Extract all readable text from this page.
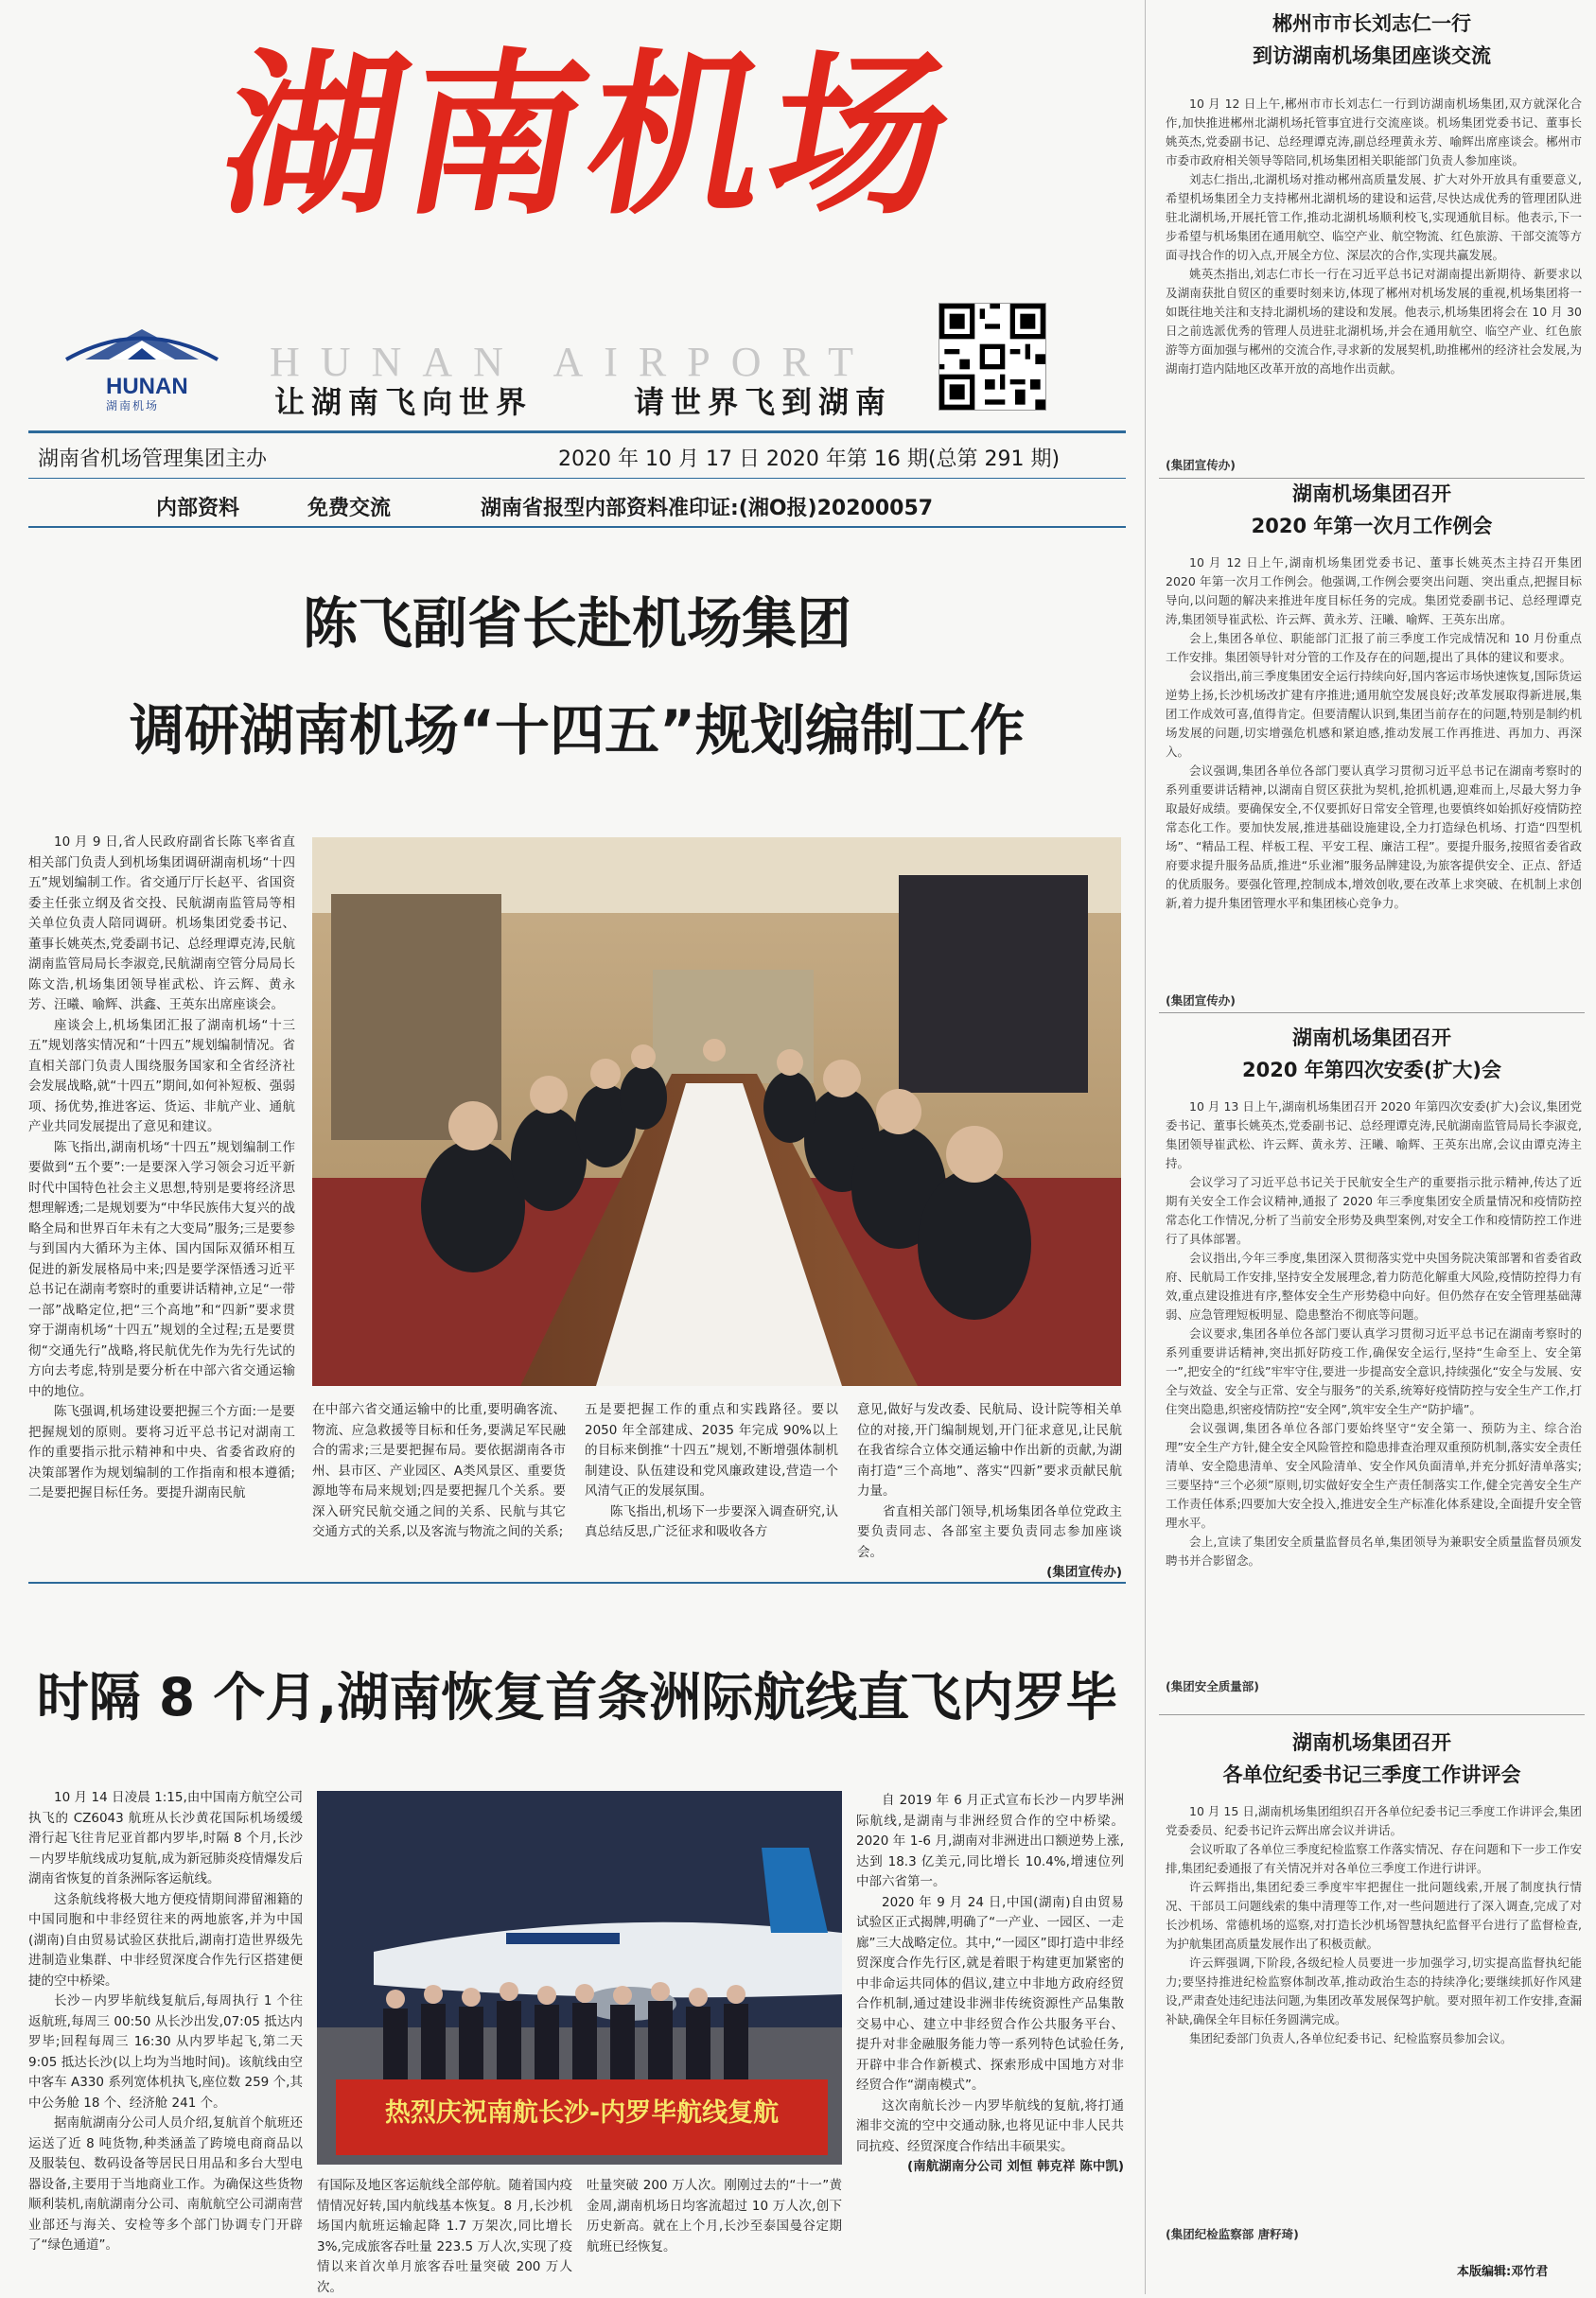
湖南机场
HUNAN
湖南机场
HUNAN AIRPORT
让湖南飞向世界	请世界飞到湖南
湖南省机场管理集团主办	2020 年 10 月 17 日 2020 年第 16 期(总第 291 期)
内部资料	免费交流	湖南省报型内部资料准印证:(湘O报)20200057
陈飞副省长赴机场集团
调研湖南机场“十四五”规划编制工作

10 月 9 日,省人民政府副省长陈飞率省直相关部门负责人到机场集团调研湖南机场“十四五”规划编制工作。省交通厅厅长赵平、省国资委主任张立纲及省交投、民航湖南监管局等相关单位负责人陪同调研。机场集团党委书记、董事长姚英杰,党委副书记、总经理谭克涛,民航湖南监管局局长李淑竞,民航湖南空管分局局长陈文浩,机场集团领导崔武松、许云辉、黄永芳、汪曦、喻辉、洪鑫、王英东出席座谈会。

座谈会上,机场集团汇报了湖南机场“十三五”规划落实情况和“十四五”规划编制情况。省直相关部门负责人围绕服务国家和全省经济社会发展战略,就“十四五”期间,如何补短板、强弱项、扬优势,推进客运、货运、非航产业、通航产业共同发展提出了意见和建议。

陈飞指出,湖南机场“十四五”规划编制工作要做到“五个要”:一是要深入学习领会习近平新时代中国特色社会主义思想,特别是要将经济思想理解透;二是规划要为“中华民族伟大复兴的战略全局和世界百年未有之大变局”服务;三是要参与到国内大循环为主体、国内国际双循环相互促进的新发展格局中来;四是要学深悟透习近平总书记在湖南考察时的重要讲话精神,立足“一带一部”战略定位,把“三个高地”和“四新”要求贯穿于湖南机场“十四五”规划的全过程;五是要贯彻“交通先行”战略,将民航优先作为先行先试的方向去考虑,特别是要分析在中部六省交通运输中的地位。

陈飞强调,机场建设要把握三个方面:一是要把握规划的原则。要将习近平总书记对湖南工作的重要指示批示精神和中央、省委省政府的决策部署作为规划编制的工作指南和根本遵循;二是要把握目标任务。要提升湖南民航

在中部六省交通运输中的比重,要明确客流、物流、应急救援等目标和任务,要满足军民融合的需求;三是要把握布局。要依据湖南各市州、县市区、产业园区、A类风景区、重要货源地等布局来规划;四是要把握几个关系。要深入研究民航交通之间的关系、民航与其它交通方式的关系,以及客流与物流之间的关系;

五是要把握工作的重点和实践路径。要以 2050 年全部建成、2035 年完成 90%以上的目标来倒推“十四五”规划,不断增强体制机制建设、队伍建设和党风廉政建设,营造一个风清气正的发展氛围。

陈飞指出,机场下一步要深入调查研究,认真总结反思,广泛征求和吸收各方

意见,做好与发改委、民航局、设计院等相关单位的对接,开门编制规划,开门征求意见,让民航在我省综合立体交通运输中作出新的贡献,为湖南打造“三个高地”、落实“四新”要求贡献民航力量。

省直相关部门领导,机场集团各单位党政主要负责同志、各部室主要负责同志参加座谈会。

(集团宣传办)
时隔 8 个月,湖南恢复首条洲际航线直飞内罗毕

10 月 14 日凌晨 1:15,由中国南方航空公司执飞的 CZ6043 航班从长沙黄花国际机场缓缓滑行起飞往肯尼亚首都内罗毕,时隔 8 个月,长沙－内罗毕航线成功复航,成为新冠肺炎疫情爆发后湖南省恢复的首条洲际客运航线。

这条航线将极大地方便疫情期间滞留湘籍的中国同胞和中非经贸往来的两地旅客,并为中国(湖南)自由贸易试验区获批后,湖南打造世界级先进制造业集群、中非经贸深度合作先行区搭建便捷的空中桥梁。

长沙－内罗毕航线复航后,每周执行 1 个往返航班,每周三 00:50 从长沙出发,07:05 抵达内罗毕;回程每周三 16:30 从内罗毕起飞,第二天 9:05 抵达长沙(以上均为当地时间)。该航线由空中客车 A330 系列宽体机执飞,座位数 259 个,其中公务舱 18 个、经济舱 241 个。

据南航湖南分公司人员介绍,复航首个航班还运送了近 8 吨货物,种类涵盖了跨境电商商品以及服装包、数码设备等居民日用品和多台大型电器设备,主要用于当地商业工作。为确保这些货物顺利装机,南航湖南分公司、南航航空公司湖南营业部还与海关、安检等多个部门协调专门开辟了“绿色通道”。

热烈庆祝南航长沙-内罗毕航线复航

有国际及地区客运航线全部停航。随着国内疫情情况好转,国内航线基本恢复。8 月,长沙机场国内航班运输起降 1.7 万架次,同比增长 3%,完成旅客吞吐量 223.5 万人次,实现了疫情以来首次单月旅客吞吐量突破 200 万人次。

吐量突破 200 万人次。刚刚过去的“十一”黄金周,湖南机场日均客流超过 10 万人次,创下历史新高。就在上个月,长沙至泰国曼谷定期航班已经恢复。

自 2019 年 6 月正式宣布长沙－内罗毕洲际航线,是湖南与非洲经贸合作的空中桥梁。2020 年 1-6 月,湖南对非洲进出口额逆势上涨,达到 18.3 亿美元,同比增长 10.4%,增速位列中部六省第一。

2020 年 9 月 24 日,中国(湖南)自由贸易试验区正式揭牌,明确了“一产业、一园区、一走廊”三大战略定位。其中,“一园区”即打造中非经贸深度合作先行区,就是着眼于构建更加紧密的中非命运共同体的倡议,建立中非地方政府经贸合作机制,通过建设非洲非传统资源性产品集散交易中心、建立中非经贸合作公共服务平台、提升对非金融服务能力等一系列特色试验任务,开辟中非合作新模式、探索形成中国地方对非经贸合作“湖南模式”。

这次南航长沙－内罗毕航线的复航,将打通湘非交流的空中交通动脉,也将见证中非人民共同抗疫、经贸深度合作结出丰硕果实。

(南航湖南分公司 刘恒 韩克祥 陈中凯)
郴州市市长刘志仁一行
到访湖南机场集团座谈交流

10 月 12 日上午,郴州市市长刘志仁一行到访湖南机场集团,双方就深化合作,加快推进郴州北湖机场托管事宜进行交流座谈。机场集团党委书记、董事长姚英杰,党委副书记、总经理谭克涛,副总经理黄永芳、喻辉出席座谈会。郴州市市委市政府相关领导等陪同,机场集团相关职能部门负责人参加座谈。

刘志仁指出,北湖机场对推动郴州高质量发展、扩大对外开放具有重要意义,希望机场集团全力支持郴州北湖机场的建设和运营,尽快达成优秀的管理团队进驻北湖机场,开展托管工作,推动北湖机场顺利校飞,实现通航目标。他表示,下一步希望与机场集团在通用航空、临空产业、航空物流、红色旅游、干部交流等方面寻找合作的切入点,开展全方位、深层次的合作,实现共赢发展。

姚英杰指出,刘志仁市长一行在习近平总书记对湖南提出新期待、新要求以及湖南获批自贸区的重要时刻来访,体现了郴州对机场发展的重视,机场集团将一如既往地关注和支持北湖机场的建设和发展。他表示,机场集团将会在 10 月 30 日之前选派优秀的管理人员进驻北湖机场,并会在通用航空、临空产业、红色旅游等方面加强与郴州的交流合作,寻求新的发展契机,助推郴州的经济社会发展,为湖南打造内陆地区改革开放的高地作出贡献。

(集团宣传办)
湖南机场集团召开
2020 年第一次月工作例会

10 月 12 日上午,湖南机场集团党委书记、董事长姚英杰主持召开集团 2020 年第一次月工作例会。他强调,工作例会要突出问题、突出重点,把握目标导向,以问题的解决来推进年度目标任务的完成。集团党委副书记、总经理谭克涛,集团领导崔武松、许云辉、黄永芳、汪曦、喻辉、王英东出席。

会上,集团各单位、职能部门汇报了前三季度工作完成情况和 10 月份重点工作安排。集团领导针对分管的工作及存在的问题,提出了具体的建议和要求。

会议指出,前三季度集团安全运行持续向好,国内客运市场快速恢复,国际货运逆势上扬,长沙机场改扩建有序推进;通用航空发展良好;改革发展取得新进展,集团工作成效可喜,值得肯定。但要清醒认识到,集团当前存在的问题,特别是制约机场发展的问题,切实增强危机感和紧迫感,推动发展工作再推进、再加力、再深入。

会议强调,集团各单位各部门要认真学习贯彻习近平总书记在湖南考察时的系列重要讲话精神,以湖南自贸区获批为契机,抢抓机遇,迎难而上,尽最大努力争取最好成绩。要确保安全,不仅要抓好日常安全管理,也要慎终如始抓好疫情防控常态化工作。要加快发展,推进基础设施建设,全力打造绿色机场、打造“四型机场”、“精品工程、样板工程、平安工程、廉洁工程”。要提升服务,按照省委省政府要求提升服务品质,推进“乐业湘”服务品牌建设,为旅客提供安全、正点、舒适的优质服务。要强化管理,控制成本,增效创收,要在改革上求突破、在机制上求创新,着力提升集团管理水平和集团核心竞争力。

(集团宣传办)
湖南机场集团召开
2020 年第四次安委(扩大)会

10 月 13 日上午,湖南机场集团召开 2020 年第四次安委(扩大)会议,集团党委书记、董事长姚英杰,党委副书记、总经理谭克涛,民航湖南监管局局长李淑竞,集团领导崔武松、许云辉、黄永芳、汪曦、喻辉、王英东出席,会议由谭克涛主持。

会议学习了习近平总书记关于民航安全生产的重要指示批示精神,传达了近期有关安全工作会议精神,通报了 2020 年三季度集团安全质量情况和疫情防控常态化工作情况,分析了当前安全形势及典型案例,对安全工作和疫情防控工作进行了具体部署。

会议指出,今年三季度,集团深入贯彻落实党中央国务院决策部署和省委省政府、民航局工作安排,坚持安全发展理念,着力防范化解重大风险,疫情防控得力有效,重点建设推进有序,整体安全生产形势稳中向好。但仍然存在安全管理基础薄弱、应急管理短板明显、隐患整治不彻底等问题。

会议要求,集团各单位各部门要认真学习贯彻习近平总书记在湖南考察时的系列重要讲话精神,突出抓好防疫工作,确保安全运行,坚持“生命至上、安全第一”,把安全的“红线”牢牢守住,要进一步提高安全意识,持续强化“安全与发展、安全与效益、安全与正常、安全与服务”的关系,统筹好疫情防控与安全生产工作,打住突出隐患,织密疫情防控“安全网”,筑牢安全生产“防护墙”。

会议强调,集团各单位各部门要始终坚守“安全第一、预防为主、综合治理”安全生产方针,健全安全风险管控和隐患排查治理双重预防机制,落实安全责任清单、安全隐患清单、安全风险清单、安全作风负面清单,并充分抓好清单落实;三要坚持“三个必须”原则,切实做好安全生产责任制落实工作,健全完善安全生产工作责任体系;四要加大安全投入,推进安全生产标准化体系建设,全面提升安全管理水平。

会上,宣读了集团安全质量监督员名单,集团领导为兼职安全质量监督员颁发聘书并合影留念。

(集团安全质量部)
湖南机场集团召开
各单位纪委书记三季度工作讲评会

10 月 15 日,湖南机场集团组织召开各单位纪委书记三季度工作讲评会,集团党委委员、纪委书记许云辉出席会议并讲话。

会议听取了各单位三季度纪检监察工作落实情况、存在问题和下一步工作安排,集团纪委通报了有关情况并对各单位三季度工作进行讲评。

许云辉指出,集团纪委三季度牢牢把握住一批问题线索,开展了制度执行情况、干部员工问题线索的集中清理等工作,对一些问题进行了深入调查,完成了对长沙机场、常德机场的巡察,对打造长沙机场智慧执纪监督平台进行了监督检查,为护航集团高质量发展作出了积极贡献。

许云辉强调,下阶段,各级纪检人员要进一步加强学习,切实提高监督执纪能力;要坚持推进纪检监察体制改革,推动政治生态的持续净化;要继续抓好作风建设,严肃查处违纪违法问题,为集团改革发展保驾护航。要对照年初工作安排,查漏补缺,确保全年目标任务圆满完成。

集团纪委部门负责人,各单位纪委书记、纪检监察员参加会议。

(集团纪检监察部 唐籽琦)
本版编辑:邓竹君
